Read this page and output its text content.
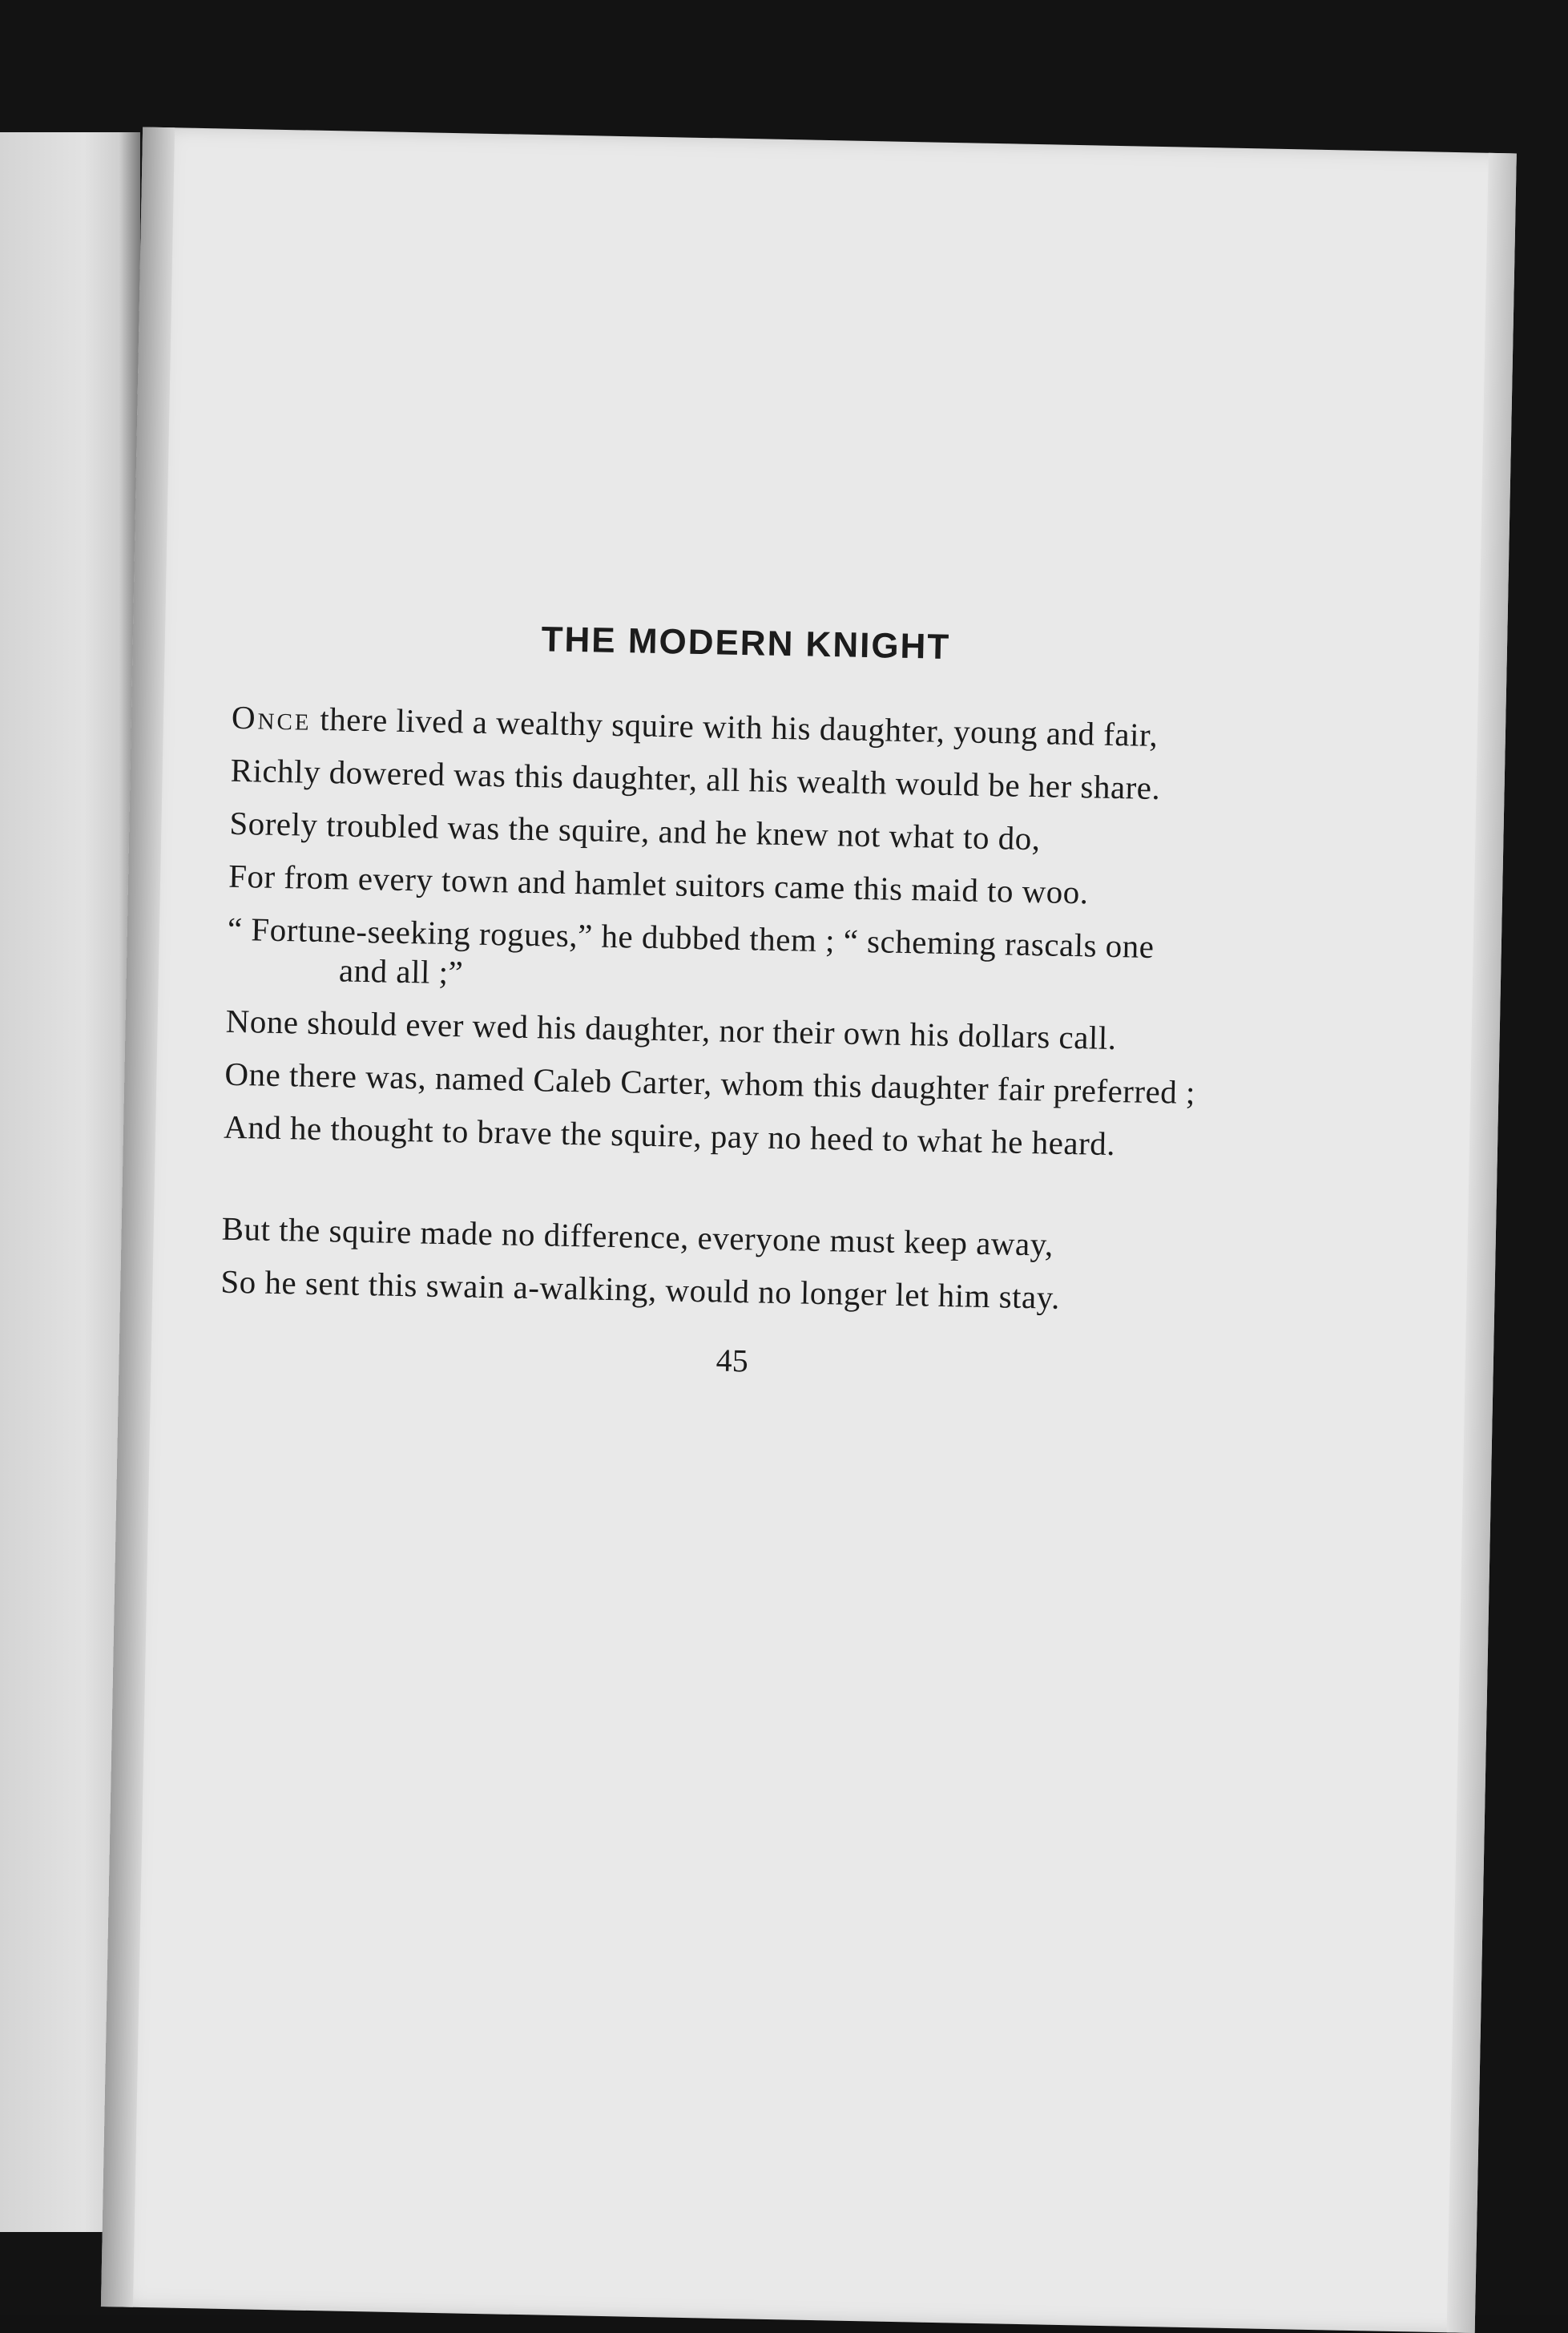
THE MODERN KNIGHT

Once there lived a wealthy squire with his daughter, young and fair,

Richly dowered was this daughter, all his wealth would be her share.

Sorely troubled was the squire, and he knew not what to do,

For from every town and hamlet suitors came this maid to woo.

“ Fortune-seeking rogues,” he dubbed them ; “ scheming rascals one and all ;”

None should ever wed his daughter, nor their own his dollars call.

One there was, named Caleb Carter, whom this daughter fair preferred ;

And he thought to brave the squire, pay no heed to what he heard.

But the squire made no difference, everyone must keep away,

So he sent this swain a-walking, would no longer let him stay.

45
